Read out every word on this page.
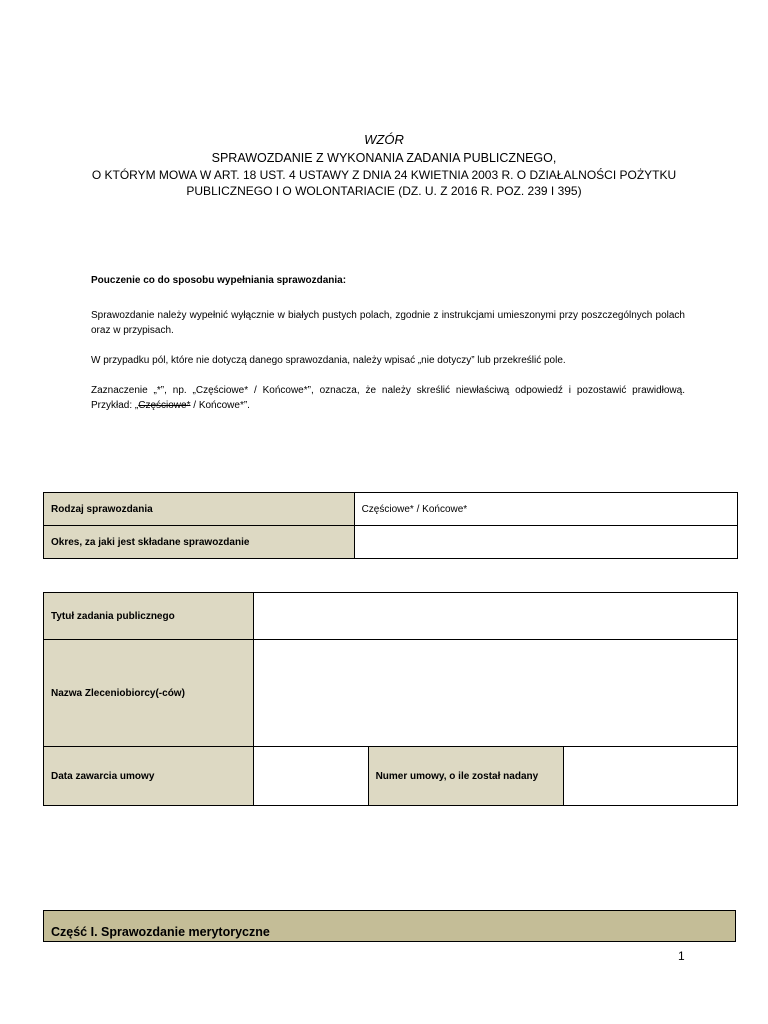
WZÓR
SPRAWOZDANIE Z WYKONANIA ZADANIA PUBLICZNEGO,
O KTÓRYM MOWA W ART. 18 UST. 4 USTAWY Z DNIA 24 KWIETNIA 2003 R. O DZIAŁALNOŚCI POŻYTKU
PUBLICZNEGO I O WOLONTARIACIE (DZ. U. Z 2016 R. POZ. 239 I 395)
Pouczenie co do sposobu wypełniania sprawozdania:
Sprawozdanie należy wypełnić wyłącznie w białych pustych polach, zgodnie z instrukcjami umieszonymi przy poszczególnych polach oraz w przypisach.
W przypadku pól, które nie dotyczą danego sprawozdania, należy wpisać „nie dotyczy” lub przekreślić pole.
Zaznaczenie „*”, np. „Częściowe* / Końcowe*”, oznacza, że należy skreślić niewłaściwą odpowiedź i pozostawić prawidłową. Przykład: „Częściowe* / Końcowe*”.
Rodzaj sprawozdania	Częściowe* / Końcowe*
Okres, za jaki jest składane sprawozdanie	
Tytuł zadania publicznego			
Nazwa Zleceniobiorcy(-ców)			
Data zawarcia umowy		Numer umowy, o ile został nadany	
Część I. Sprawozdanie merytoryczne
1
